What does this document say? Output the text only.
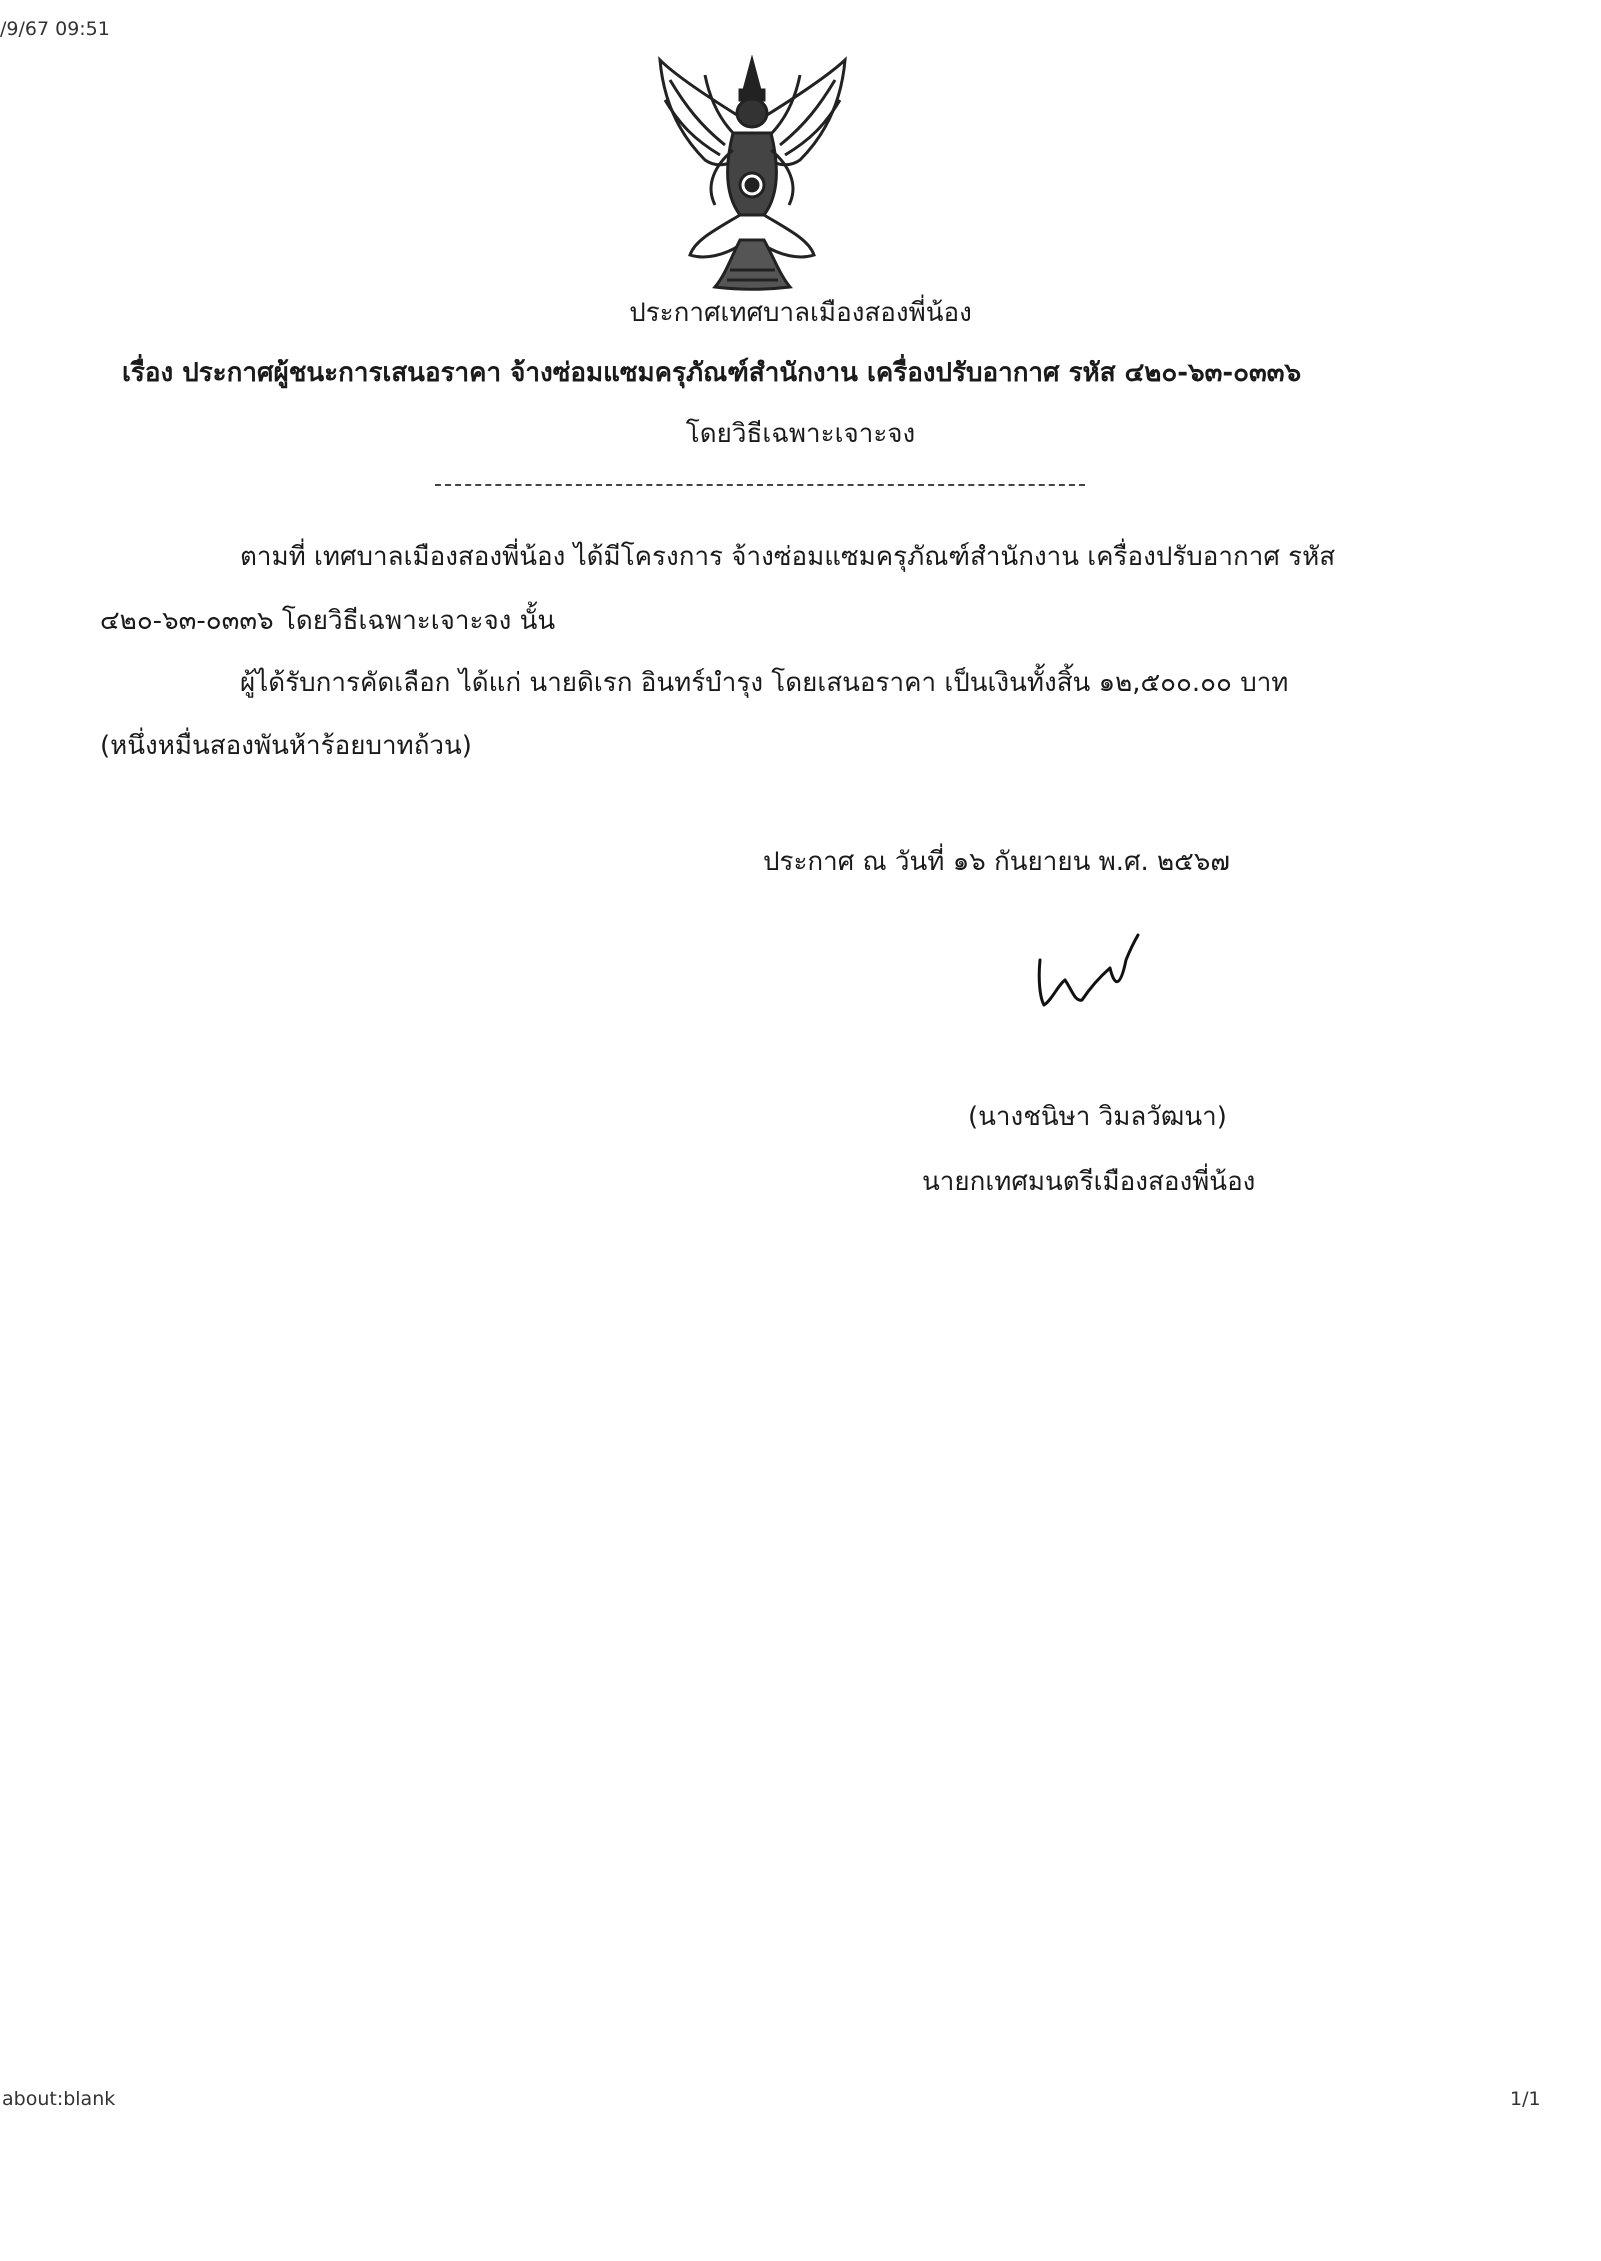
/9/67 09:51
ประกาศเทศบาลเมืองสองพี่น้อง
เรื่อง ประกาศผู้ชนะการเสนอราคา จ้างซ่อมแซมครุภัณฑ์สำนักงาน เครื่องปรับอากาศ รหัส ๔๒๐-๖๓-๐๓๓๖
โดยวิธีเฉพาะเจาะจง
ตามที่ เทศบาลเมืองสองพี่น้อง ได้มีโครงการ จ้างซ่อมแซมครุภัณฑ์สำนักงาน เครื่องปรับอากาศ รหัส
๔๒๐-๖๓-๐๓๓๖ โดยวิธีเฉพาะเจาะจง นั้น
ผู้ได้รับการคัดเลือก ได้แก่ นายดิเรก อินทร์บำรุง โดยเสนอราคา เป็นเงินทั้งสิ้น ๑๒,๕๐๐.๐๐ บาท
(หนึ่งหมื่นสองพันห้าร้อยบาทถ้วน)
ประกาศ ณ วันที่ ๑๖ กันยายน พ.ศ. ๒๕๖๗
(นางชนิษา วิมลวัฒนา)
นายกเทศมนตรีเมืองสองพี่น้อง
about:blank	1/1
